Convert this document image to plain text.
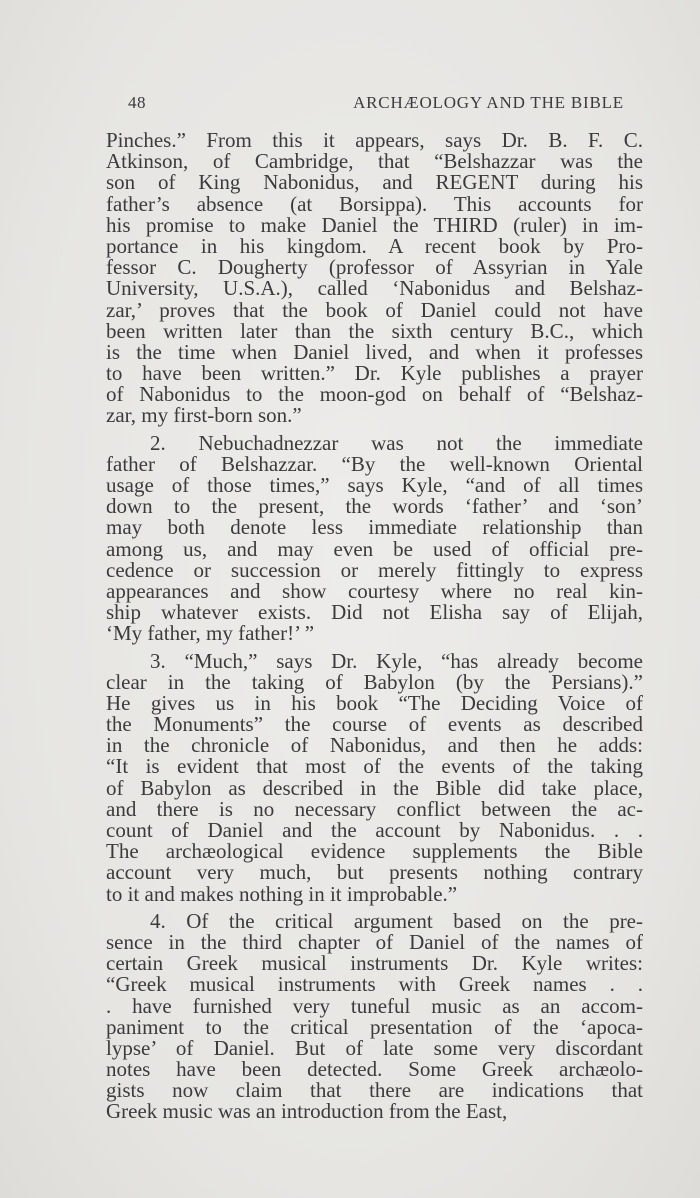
48	ARCHÆOLOGY AND THE BIBLE

Pinches.” From this it appears, says Dr. B. F. C.
Atkinson, of Cambridge, that “Belshazzar was the
son of King Nabonidus, and REGENT during his
father’s absence (at Borsippa). This accounts for
his promise to make Daniel the THIRD (ruler) in im-
portance in his kingdom. A recent book by Pro-
fessor C. Dougherty (professor of Assyrian in Yale
University, U.S.A.), called ‘Nabonidus and Belshaz-
zar,’ proves that the book of Daniel could not have
been written later than the sixth century B.C., which
is the time when Daniel lived, and when it professes
to have been written.” Dr. Kyle publishes a prayer
of Nabonidus to the moon-god on behalf of “Belshaz-
zar, my first-born son.”

2. Nebuchadnezzar was not the immediate
father of Belshazzar. “By the well-known Oriental
usage of those times,” says Kyle, “and of all times
down to the present, the words ‘father’ and ‘son’
may both denote less immediate relationship than
among us, and may even be used of official pre-
cedence or succession or merely fittingly to express
appearances and show courtesy where no real kin-
ship whatever exists. Did not Elisha say of Elijah,
‘My father, my father!’ ”

3. “Much,” says Dr. Kyle, “has already become
clear in the taking of Babylon (by the Persians).”
He gives us in his book “The Deciding Voice of
the Monuments” the course of events as described
in the chronicle of Nabonidus, and then he adds:
“It is evident that most of the events of the taking
of Babylon as described in the Bible did take place,
and there is no necessary conflict between the ac-
count of Daniel and the account by Nabonidus. . .
The archæological evidence supplements the Bible
account very much, but presents nothing contrary
to it and makes nothing in it improbable.”

4. Of the critical argument based on the pre-
sence in the third chapter of Daniel of the names of
certain Greek musical instruments Dr. Kyle writes:
“Greek musical instruments with Greek names . .
. have furnished very tuneful music as an accom-
paniment to the critical presentation of the ‘apoca-
lypse’ of Daniel. But of late some very discordant
notes have been detected. Some Greek archæolo-
gists now claim that there are indications that
Greek music was an introduction from the East,
